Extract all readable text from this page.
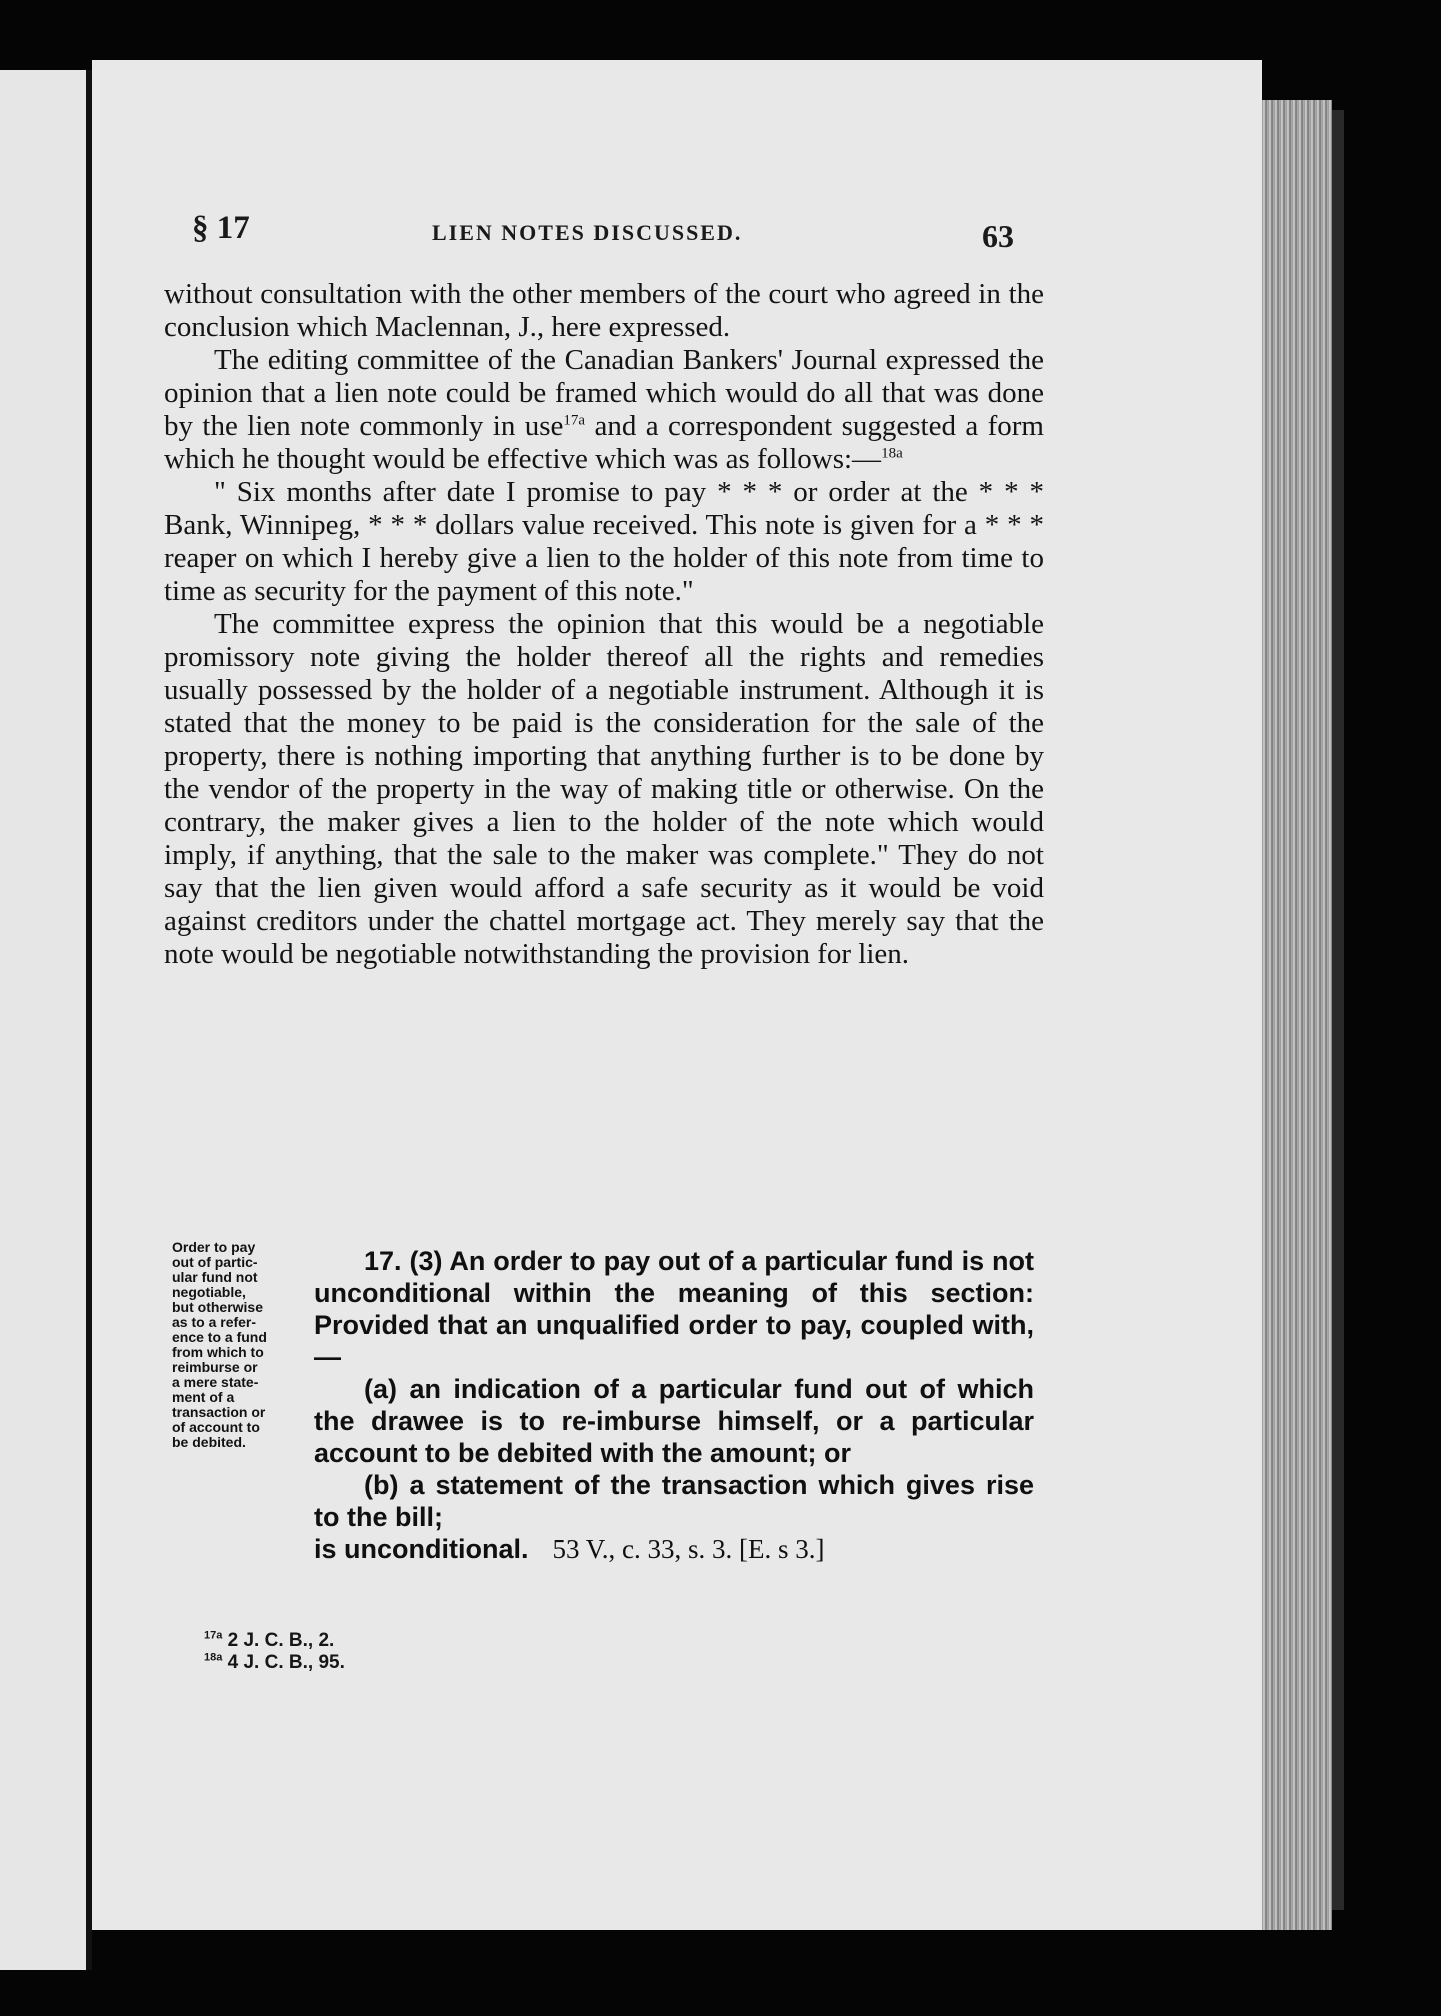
§ 17	LIEN NOTES DISCUSSED.	63

without consultation with the other members of the court who agreed in the conclusion which Maclennan, J., here expressed.

The editing committee of the Canadian Bankers' Journal expressed the opinion that a lien note could be framed which would do all that was done by the lien note commonly in use$^{17a}$ and a correspondent suggested a form which he thought would be effective which was as follows:—$^{18a}$

" Six months after date I promise to pay * * * or order at the * * * Bank, Winnipeg, * * * dollars value received. This note is given for a * * * reaper on which I hereby give a lien to the holder of this note from time to time as security for the payment of this note."

The committee express the opinion that this would be a negotiable promissory note giving the holder thereof all the rights and remedies usually possessed by the holder of a negotiable instrument. Although it is stated that the money to be paid is the consideration for the sale of the property, there is nothing importing that anything further is to be done by the vendor of the property in the way of making title or otherwise. On the contrary, the maker gives a lien to the holder of the note which would imply, if anything, that the sale to the maker was complete." They do not say that the lien given would afford a safe security as it would be void against creditors under the chattel mortgage act. They merely say that the note would be negotiable notwithstanding the provision for lien.

Order to pay
out of partic-
ular fund not
negotiable,
but otherwise
as to a refer-
ence to a fund
from which to
reimburse or
a mere state-
ment of a
transaction or
of account to
be debited.

17. (3) An order to pay out of a particular fund is not unconditional within the meaning of this section: Provided that an unqualified order to pay, coupled with,—

(a) an indication of a particular fund out of which the drawee is to re-imburse himself, or a particular account to be debited with the amount; or

(b) a statement of the transaction which gives rise to the bill;

is unconditional. 53 V., c. 33, s. 3. [E. s 3.]

$^{17a}$ 2 J. C. B., 2.
$^{18a}$ 4 J. C. B., 95.
